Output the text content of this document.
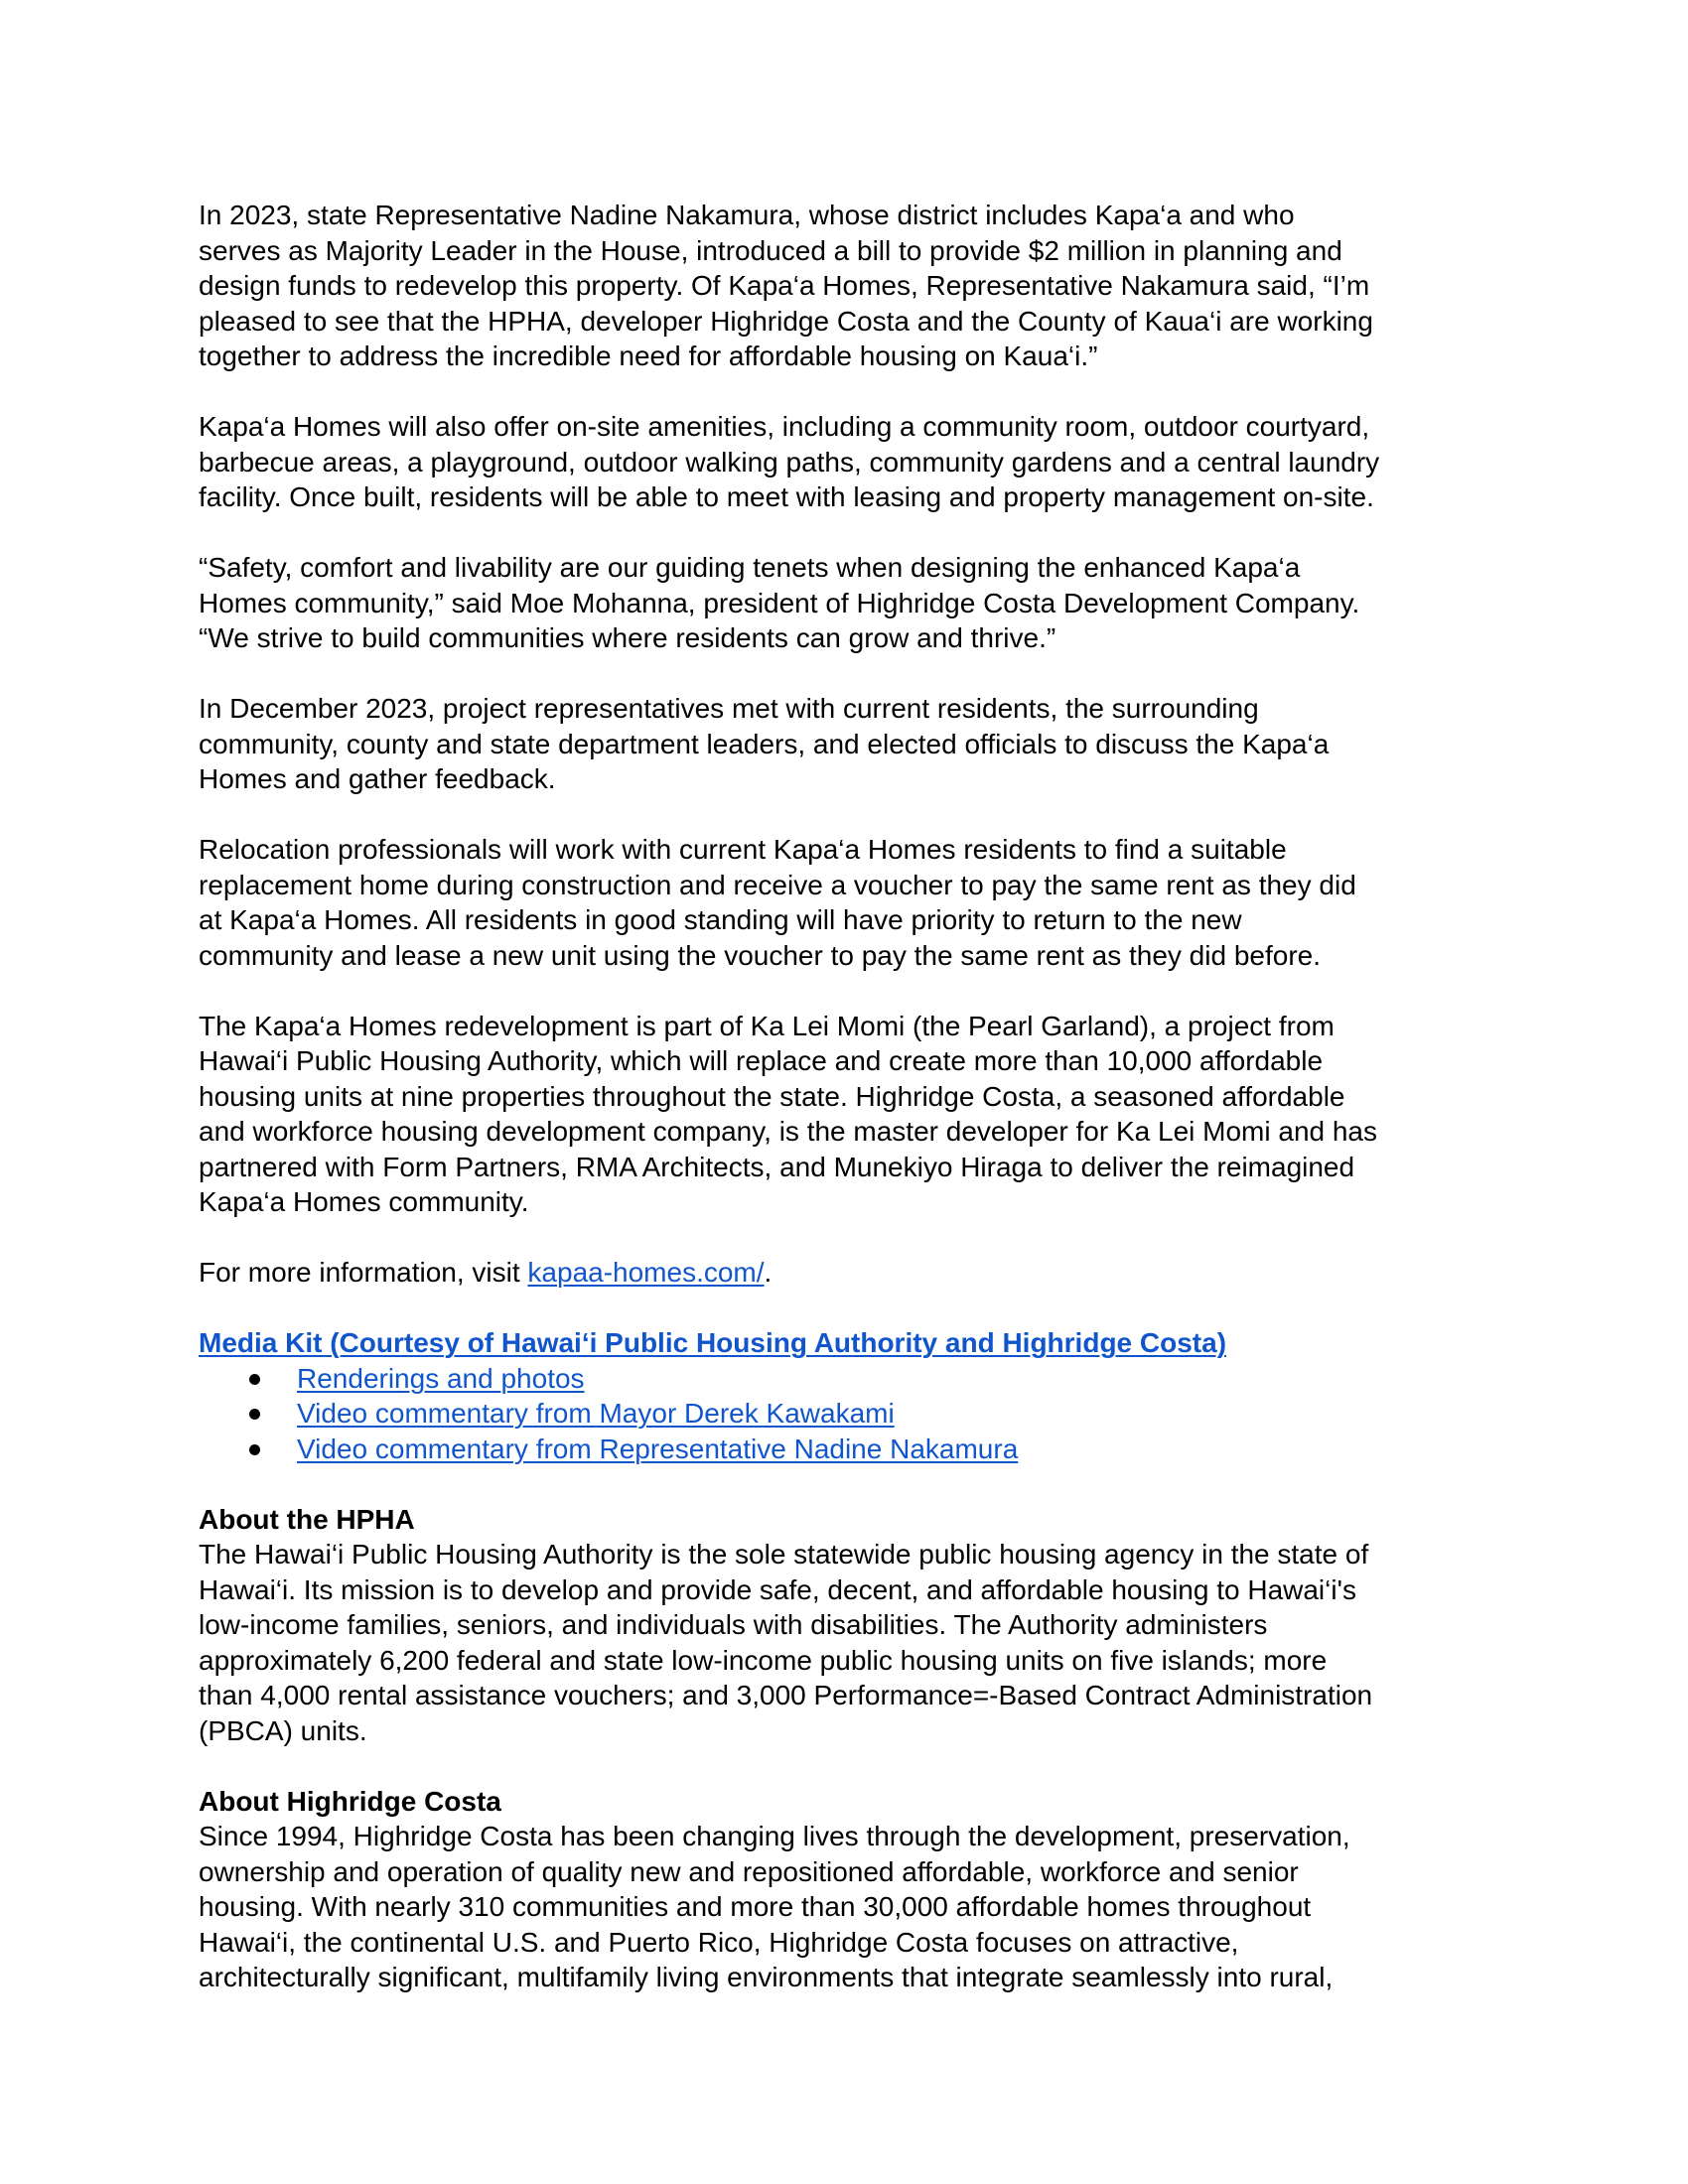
In 2023, state Representative Nadine Nakamura, whose district includes Kapa‘a and who
serves as Majority Leader in the House, introduced a bill to provide $2 million in planning and
design funds to redevelop this property. Of Kapa‘a Homes, Representative Nakamura said, “I’m
pleased to see that the HPHA, developer Highridge Costa and the County of Kaua‘i are working
together to address the incredible need for affordable housing on Kaua‘i.”
Kapa‘a Homes will also offer on-site amenities, including a community room, outdoor courtyard,
barbecue areas, a playground, outdoor walking paths, community gardens and a central laundry
facility. Once built, residents will be able to meet with leasing and property management on-site.
“Safety, comfort and livability are our guiding tenets when designing the enhanced Kapa‘a
Homes community,” said Moe Mohanna, president of Highridge Costa Development Company.
“We strive to build communities where residents can grow and thrive.”
In December 2023, project representatives met with current residents, the surrounding
community, county and state department leaders, and elected officials to discuss the Kapa‘a
Homes and gather feedback.
Relocation professionals will work with current Kapa‘a Homes residents to find a suitable
replacement home during construction and receive a voucher to pay the same rent as they did
at Kapa‘a Homes. All residents in good standing will have priority to return to the new
community and lease a new unit using the voucher to pay the same rent as they did before.
The Kapa‘a Homes redevelopment is part of Ka Lei Momi (the Pearl Garland), a project from
Hawai‘i Public Housing Authority, which will replace and create more than 10,000 affordable
housing units at nine properties throughout the state. Highridge Costa, a seasoned affordable
and workforce housing development company, is the master developer for Ka Lei Momi and has
partnered with Form Partners, RMA Architects, and Munekiyo Hiraga to deliver the reimagined
Kapa‘a Homes community.
For more information, visit kapaa-homes.com/.
Media Kit (Courtesy of Hawai‘i Public Housing Authority and Highridge Costa)
Renderings and photos
Video commentary from Mayor Derek Kawakami
Video commentary from Representative Nadine Nakamura
About the HPHA
The Hawai‘i Public Housing Authority is the sole statewide public housing agency in the state of
Hawai‘i. Its mission is to develop and provide safe, decent, and affordable housing to Hawai‘i's
low-income families, seniors, and individuals with disabilities. The Authority administers
approximately 6,200 federal and state low-income public housing units on five islands; more
than 4,000 rental assistance vouchers; and 3,000 Performance=-Based Contract Administration
(PBCA) units.
About Highridge Costa
Since 1994, Highridge Costa has been changing lives through the development, preservation,
ownership and operation of quality new and repositioned affordable, workforce and senior
housing. With nearly 310 communities and more than 30,000 affordable homes throughout
Hawai‘i, the continental U.S. and Puerto Rico, Highridge Costa focuses on attractive,
architecturally significant, multifamily living environments that integrate seamlessly into rural,
